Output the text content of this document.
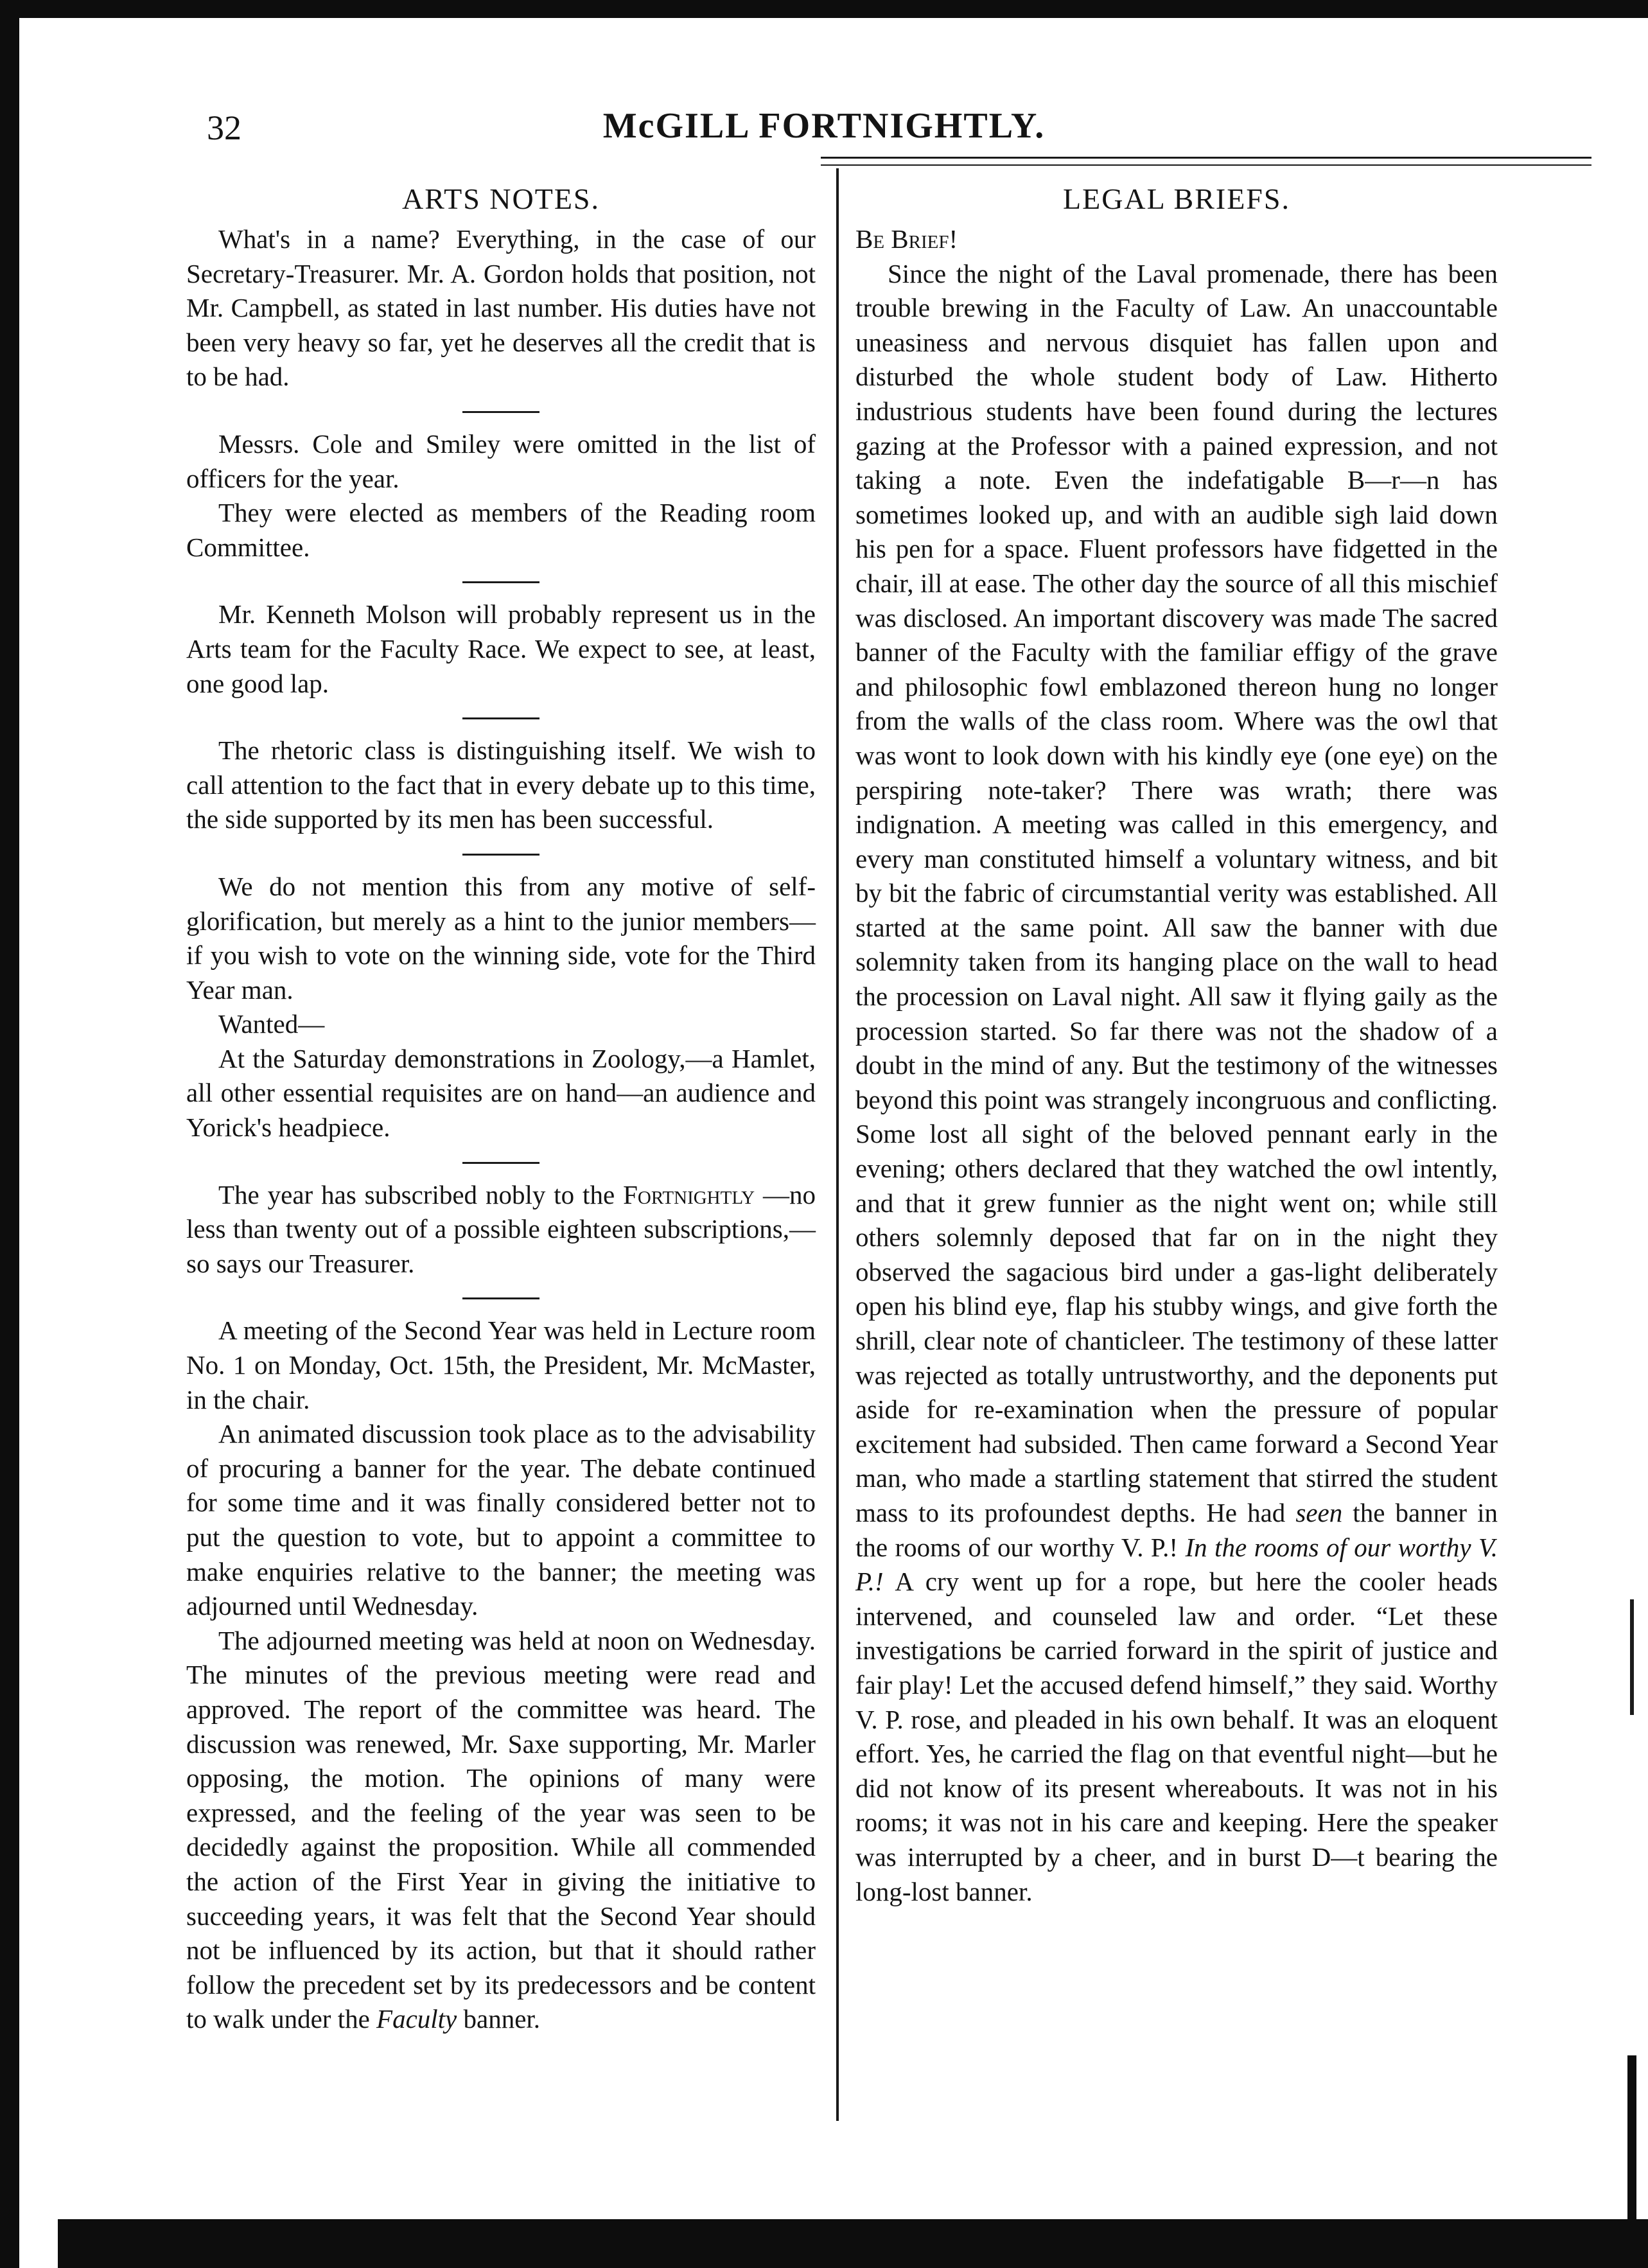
32	McGILL FORTNIGHTLY.
ARTS NOTES.

What's in a name? Everything, in the case of our Secretary-Treasurer. Mr. A. Gordon holds that position, not Mr. Campbell, as stated in last number. His duties have not been very heavy so far, yet he deserves all the credit that is to be had.

Messrs. Cole and Smiley were omitted in the list of officers for the year.

They were elected as members of the Reading room Committee.

Mr. Kenneth Molson will probably represent us in the Arts team for the Faculty Race. We expect to see, at least, one good lap.

The rhetoric class is distinguishing itself. We wish to call attention to the fact that in every debate up to this time, the side supported by its men has been successful.

We do not mention this from any motive of self-glorification, but merely as a hint to the junior members—if you wish to vote on the winning side, vote for the Third Year man.

Wanted—

At the Saturday demonstrations in Zoology,—a Hamlet, all other essential requisites are on hand—an audience and Yorick's headpiece.

The year has subscribed nobly to the Fortnightly —no less than twenty out of a possible eighteen subscriptions,—so says our Treasurer.

A meeting of the Second Year was held in Lecture room No. 1 on Monday, Oct. 15th, the President, Mr. McMaster, in the chair.

An animated discussion took place as to the advisability of procuring a banner for the year. The debate continued for some time and it was finally considered better not to put the question to vote, but to appoint a committee to make enquiries relative to the banner; the meeting was adjourned until Wednesday.

The adjourned meeting was held at noon on Wednesday. The minutes of the previous meeting were read and approved. The report of the committee was heard. The discussion was renewed, Mr. Saxe supporting, Mr. Marler opposing, the motion. The opinions of many were expressed, and the feeling of the year was seen to be decidedly against the proposition. While all commended the action of the First Year in giving the initiative to succeeding years, it was felt that the Second Year should not be influenced by its action, but that it should rather follow the precedent set by its predecessors and be content to walk under the Faculty banner.

LEGAL BRIEFS.

Be Brief!

Since the night of the Laval promenade, there has been trouble brewing in the Faculty of Law. An unaccountable uneasiness and nervous disquiet has fallen upon and disturbed the whole student body of Law. Hitherto industrious students have been found during the lectures gazing at the Professor with a pained expression, and not taking a note. Even the indefatigable B—r—n has sometimes looked up, and with an audible sigh laid down his pen for a space. Fluent professors have fidgetted in the chair, ill at ease. The other day the source of all this mischief was disclosed. An important discovery was made The sacred banner of the Faculty with the familiar effigy of the grave and philosophic fowl emblazoned thereon hung no longer from the walls of the class room. Where was the owl that was wont to look down with his kindly eye (one eye) on the perspiring note-taker? There was wrath; there was indignation. A meeting was called in this emergency, and every man constituted himself a voluntary witness, and bit by bit the fabric of circumstantial verity was established. All started at the same point. All saw the banner with due solemnity taken from its hanging place on the wall to head the procession on Laval night. All saw it flying gaily as the procession started. So far there was not the shadow of a doubt in the mind of any. But the testimony of the witnesses beyond this point was strangely incongruous and conflicting. Some lost all sight of the beloved pennant early in the evening; others declared that they watched the owl intently, and that it grew funnier as the night went on; while still others solemnly deposed that far on in the night they observed the sagacious bird under a gas-light deliberately open his blind eye, flap his stubby wings, and give forth the shrill, clear note of chanticleer. The testimony of these latter was rejected as totally untrustworthy, and the deponents put aside for re-examination when the pressure of popular excitement had subsided. Then came forward a Second Year man, who made a startling statement that stirred the student mass to its profoundest depths. He had seen the banner in the rooms of our worthy V. P.! In the rooms of our worthy V. P.! A cry went up for a rope, but here the cooler heads intervened, and counseled law and order. “Let these investigations be carried forward in the spirit of justice and fair play! Let the accused defend himself,” they said. Worthy V. P. rose, and pleaded in his own behalf. It was an eloquent effort. Yes, he carried the flag on that eventful night—but he did not know of its present whereabouts. It was not in his rooms; it was not in his care and keeping. Here the speaker was interrupted by a cheer, and in burst D—t bearing the long-lost banner.
